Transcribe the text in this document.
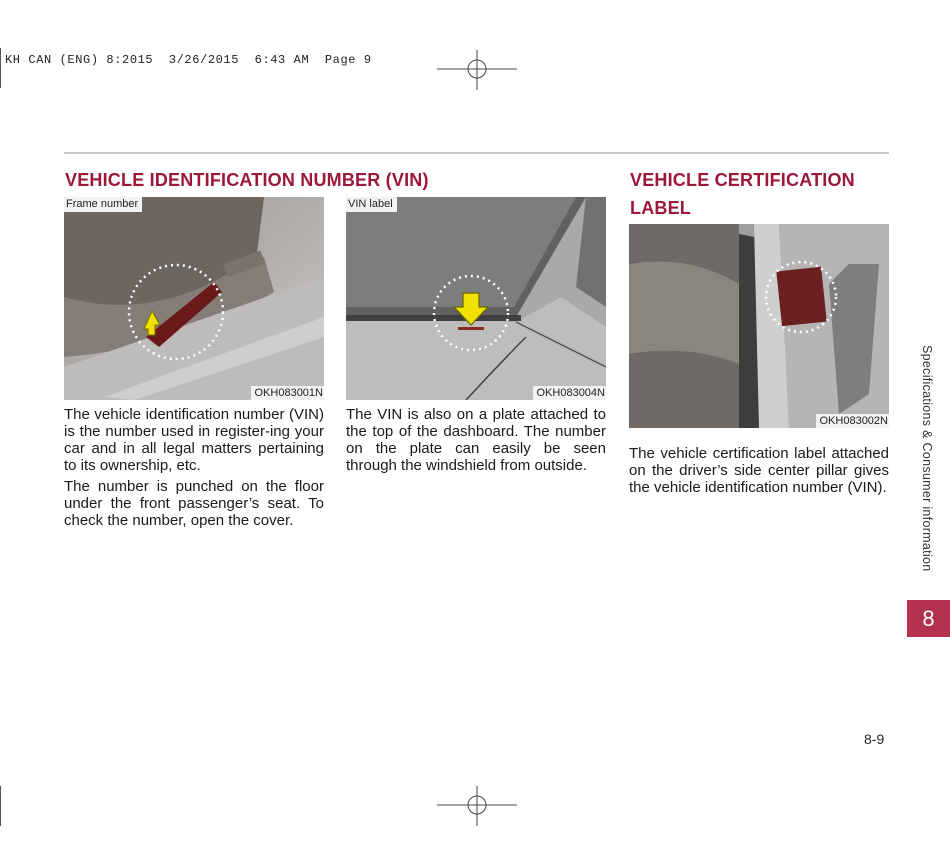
KH CAN (ENG) 8:2015  3/26/2015  6:43 AM  Page 9
VEHICLE IDENTIFICATION NUMBER (VIN)
Frame number
OKH083001N
VIN label
OKH083004N

The vehicle identification number (VIN) is the number used in register-ing your car and in all legal matters pertaining to its ownership, etc.

The number is punched on the floor under the front passenger’s seat. To check the number, open the cover.

The VIN is also on a plate attached to the top of the dashboard. The number on the plate can easily be seen through the windshield from outside.

VEHICLE CERTIFICATION
LABEL
OKH083002N

The vehicle certification label attached on the driver’s side center pillar gives the vehicle identification number (VIN).	Specifications & Consumer information
8
8-9
